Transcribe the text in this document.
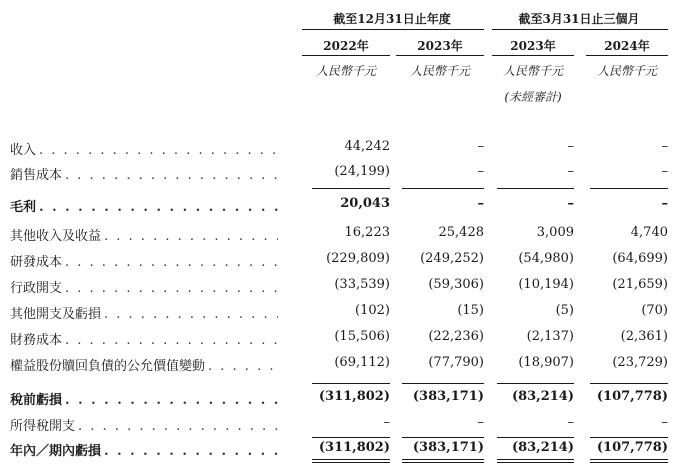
截至12月31日止年度	截至3月31日止三個月
2022年	2023年	2023年	2024年
人民幣千元	人民幣千元	人民幣千元	人民幣千元
(未經審計)
收入 . . .	44,242	–	–	–
銷售成本 . . .	(24,199)	–	–	–
毛利 . . .	20,043	–	–	–
其他收入及收益 . . .	16,223	25,428	3,009	4,740
研發成本 . . .	(229,809)	(249,252)	(54,980)	(64,699)
行政開支 . . .	(33,539)	(59,306)	(10,194)	(21,659)
其他開支及虧損 . . .	(102)	(15)	(5)	(70)
財務成本 . . .	(15,506)	(22,236)	(2,137)	(2,361)
權益股份贖回負債的公允價值變動 . . .	(69,112)	(77,790)	(18,907)	(23,729)
稅前虧損 . . .	(311,802)	(383,171)	(83,214)	(107,778)
所得稅開支 . . .	–	–	–	–
年內／期內虧損 . . .	(311,802)	(383,171)	(83,214)	(107,778)
